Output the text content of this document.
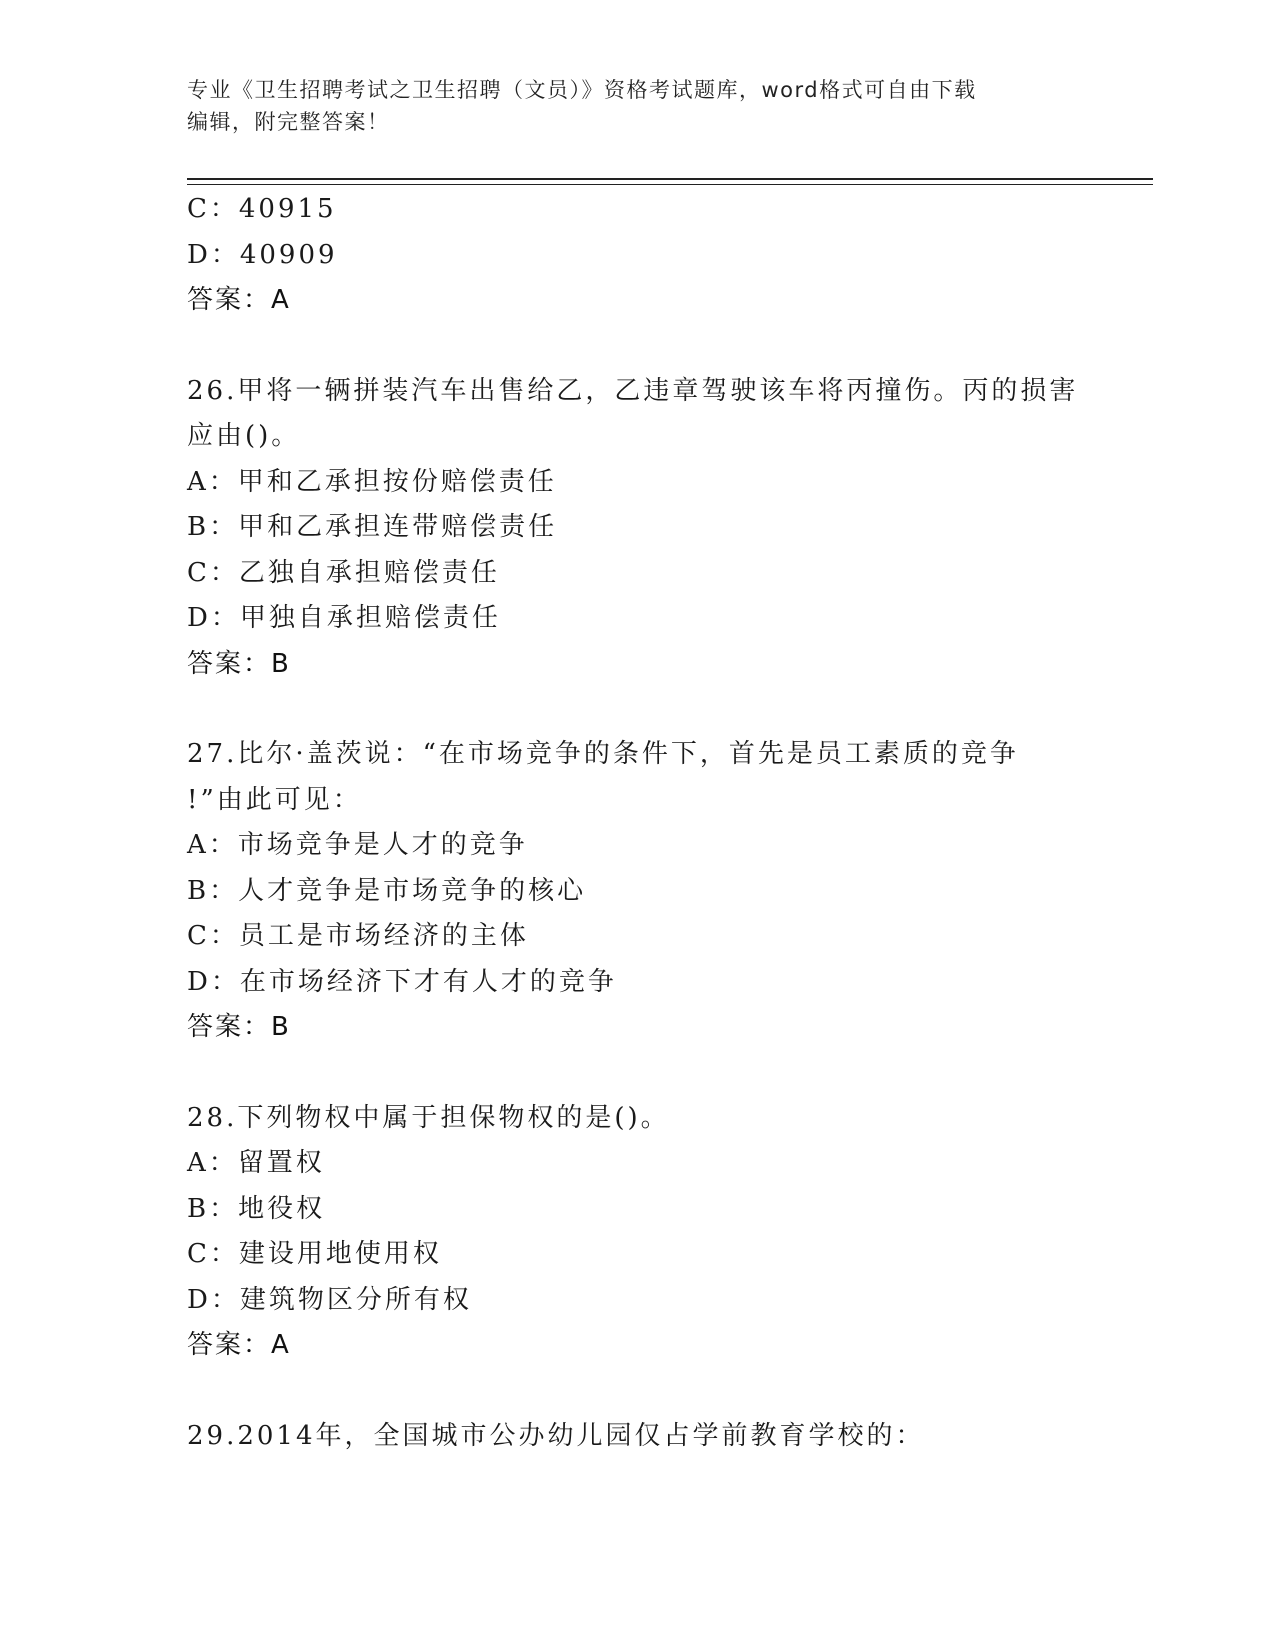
专业《卫生招聘考试之卫生招聘（文员）》资格考试题库，word格式可自由下载
编辑，附完整答案！
C：40915
D：40909
答案：A
26.甲将一辆拼装汽车出售给乙，乙违章驾驶该车将丙撞伤。丙的损害
应由()。
A：甲和乙承担按份赔偿责任
B：甲和乙承担连带赔偿责任
C：乙独自承担赔偿责任
D：甲独自承担赔偿责任
答案：B
27.比尔·盖茨说：“在市场竞争的条件下，首先是员工素质的竞争
!”由此可见：
A：市场竞争是人才的竞争
B：人才竞争是市场竞争的核心
C：员工是市场经济的主体
D：在市场经济下才有人才的竞争
答案：B
28.下列物权中属于担保物权的是()。
A：留置权
B：地役权
C：建设用地使用权
D：建筑物区分所有权
答案：A
29.2014年，全国城市公办幼儿园仅占学前教育学校的：
